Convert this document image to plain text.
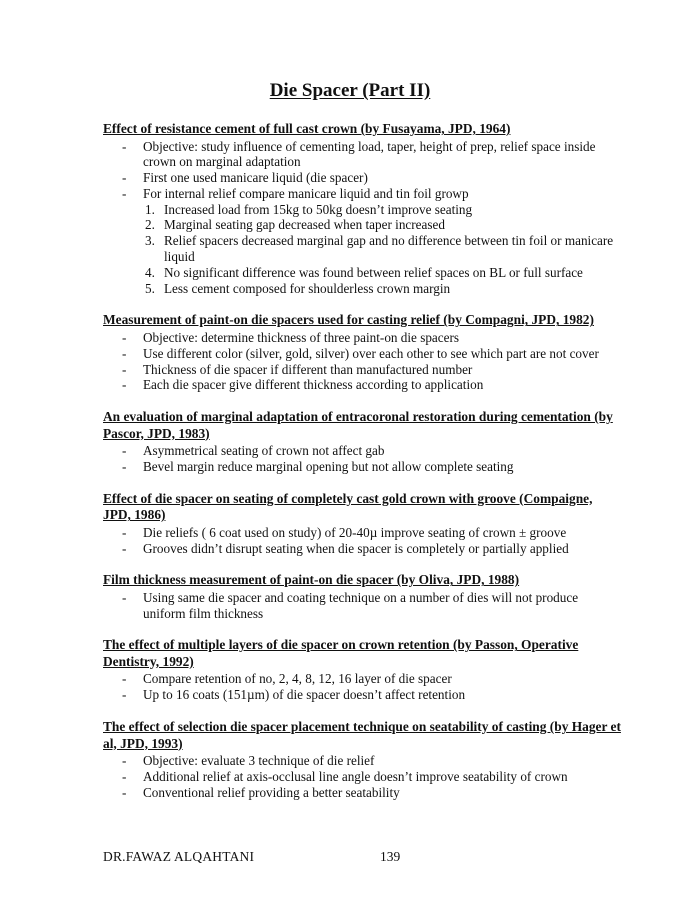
Die Spacer (Part II)
Effect of resistance cement of full cast crown (by Fusayama, JPD, 1964)
- Objective: study influence of cementing load, taper, height of prep, relief space inside crown on marginal adaptation
- First one used manicare liquid (die spacer)
- For internal relief compare manicare liquid and tin foil growp
1. Increased load from 15kg to 50kg doesn’t improve seating
2. Marginal seating gap decreased when taper increased
3. Relief spacers decreased marginal gap and no difference between tin foil or manicare liquid
4. No significant difference was found between relief spaces on BL or full surface
5. Less cement composed for shoulderless crown margin
Measurement of paint-on die spacers used for casting relief (by Compagni, JPD, 1982)
- Objective: determine thickness of three paint-on die spacers
- Use different color (silver, gold, silver) over each other to see which part are not cover
- Thickness of die spacer if different than manufactured number
- Each die spacer give different thickness according to application
An evaluation of marginal adaptation of entracoronal restoration during cementation (by Pascor, JPD, 1983)
- Asymmetrical seating of crown not affect gab
- Bevel margin reduce marginal opening but not allow complete seating
Effect of die spacer on seating of completely cast gold crown with groove (Compaigne, JPD, 1986)
- Die reliefs ( 6 coat used on study) of 20-40µ improve seating of crown ± groove
- Grooves didn’t disrupt seating when die spacer is completely or partially applied
Film thickness measurement of paint-on die spacer (by Oliva, JPD, 1988)
- Using same die spacer and coating technique on a number of dies will not produce uniform film thickness
The effect of multiple layers of die spacer on crown retention (by Passon, Operative Dentistry, 1992)
- Compare retention of no, 2, 4, 8, 12, 16 layer of die spacer
- Up to 16 coats (151µm) of die spacer doesn’t affect retention
The effect of selection die spacer placement technique on seatability of casting (by Hager et al, JPD, 1993)
- Objective: evaluate 3 technique of die relief
- Additional relief at axis-occlusal line angle doesn’t improve seatability of crown
- Conventional relief providing a better seatability
DR.FAWAZ ALQAHTANI	139
